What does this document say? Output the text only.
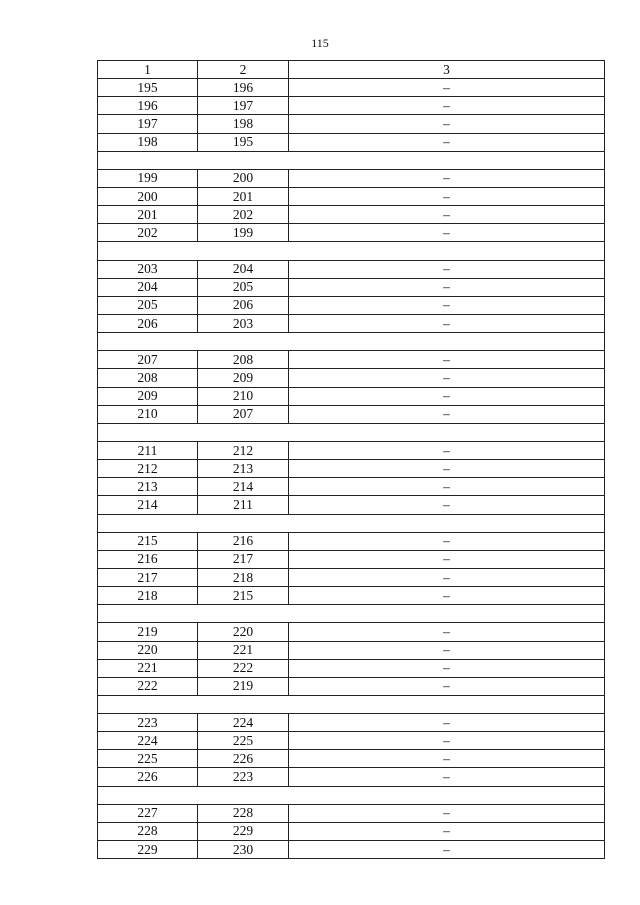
115
1	2	3
195	196	–
196	197	–
197	198	–
198	195	–

199	200	–
200	201	–
201	202	–
202	199	–

203	204	–
204	205	–
205	206	–
206	203	–

207	208	–
208	209	–
209	210	–
210	207	–

211	212	–
212	213	–
213	214	–
214	211	–

215	216	–
216	217	–
217	218	–
218	215	–

219	220	–
220	221	–
221	222	–
222	219	–

223	224	–
224	225	–
225	226	–
226	223	–

227	228	–
228	229	–
229	230	–
